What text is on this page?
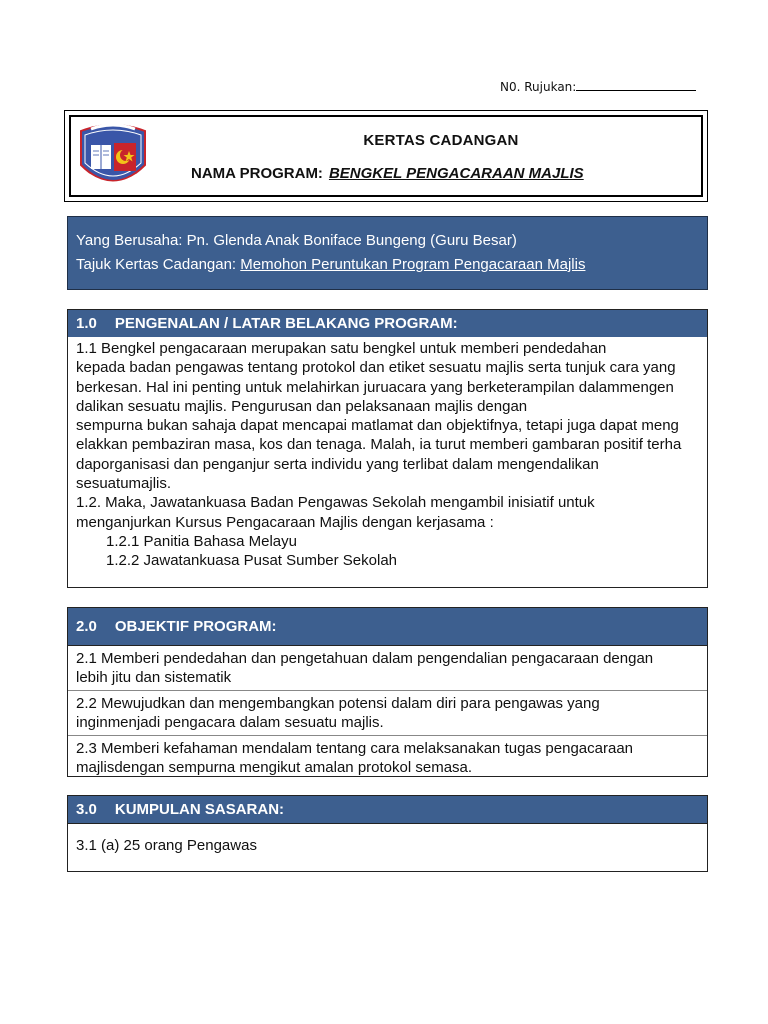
N0. Rujukan:
KERTAS CADANGAN
NAMA PROGRAM: BENGKEL PENGACARAAN MAJLIS
Yang Berusaha: Pn. Glenda Anak Boniface Bungeng (Guru Besar)
Tajuk Kertas Cadangan: Memohon Peruntukan Program Pengacaraan Majlis
1.0 PENGENALAN / LATAR BELAKANG PROGRAM:
1.1 Bengkel pengacaraan merupakan satu bengkel untuk memberi pendedahan
kepada badan pengawas tentang protokol dan etiket sesuatu majlis serta tunjuk cara yang
berkesan. Hal ini penting untuk melahirkan juruacara yang berketerampilan dalammengen
dalikan sesuatu majlis. Pengurusan dan pelaksanaan majlis dengan
sempurna bukan sahaja dapat mencapai matlamat dan objektifnya, tetapi juga dapat meng
elakkan pembaziran masa, kos dan tenaga. Malah, ia turut memberi gambaran positif terha
daporganisasi dan penganjur serta individu yang terlibat dalam mengendalikan
sesuatumajlis.
1.2. Maka, Jawatankuasa Badan Pengawas Sekolah mengambil inisiatif untuk
menganjurkan Kursus Pengacaraan Majlis dengan kerjasama :
1.2.1 Panitia Bahasa Melayu
1.2.2 Jawatankuasa Pusat Sumber Sekolah
2.0 OBJEKTIF PROGRAM:
2.1 Memberi pendedahan dan pengetahuan dalam pengendalian pengacaraan dengan
lebih jitu dan sistematik
2.2 Mewujudkan dan mengembangkan potensi dalam diri para pengawas yang
inginmenjadi pengacara dalam sesuatu majlis.
2.3 Memberi kefahaman mendalam tentang cara melaksanakan tugas pengacaraan
majlisdengan sempurna mengikut amalan protokol semasa.
3.0 KUMPULAN SASARAN:
3.1 (a) 25 orang Pengawas
